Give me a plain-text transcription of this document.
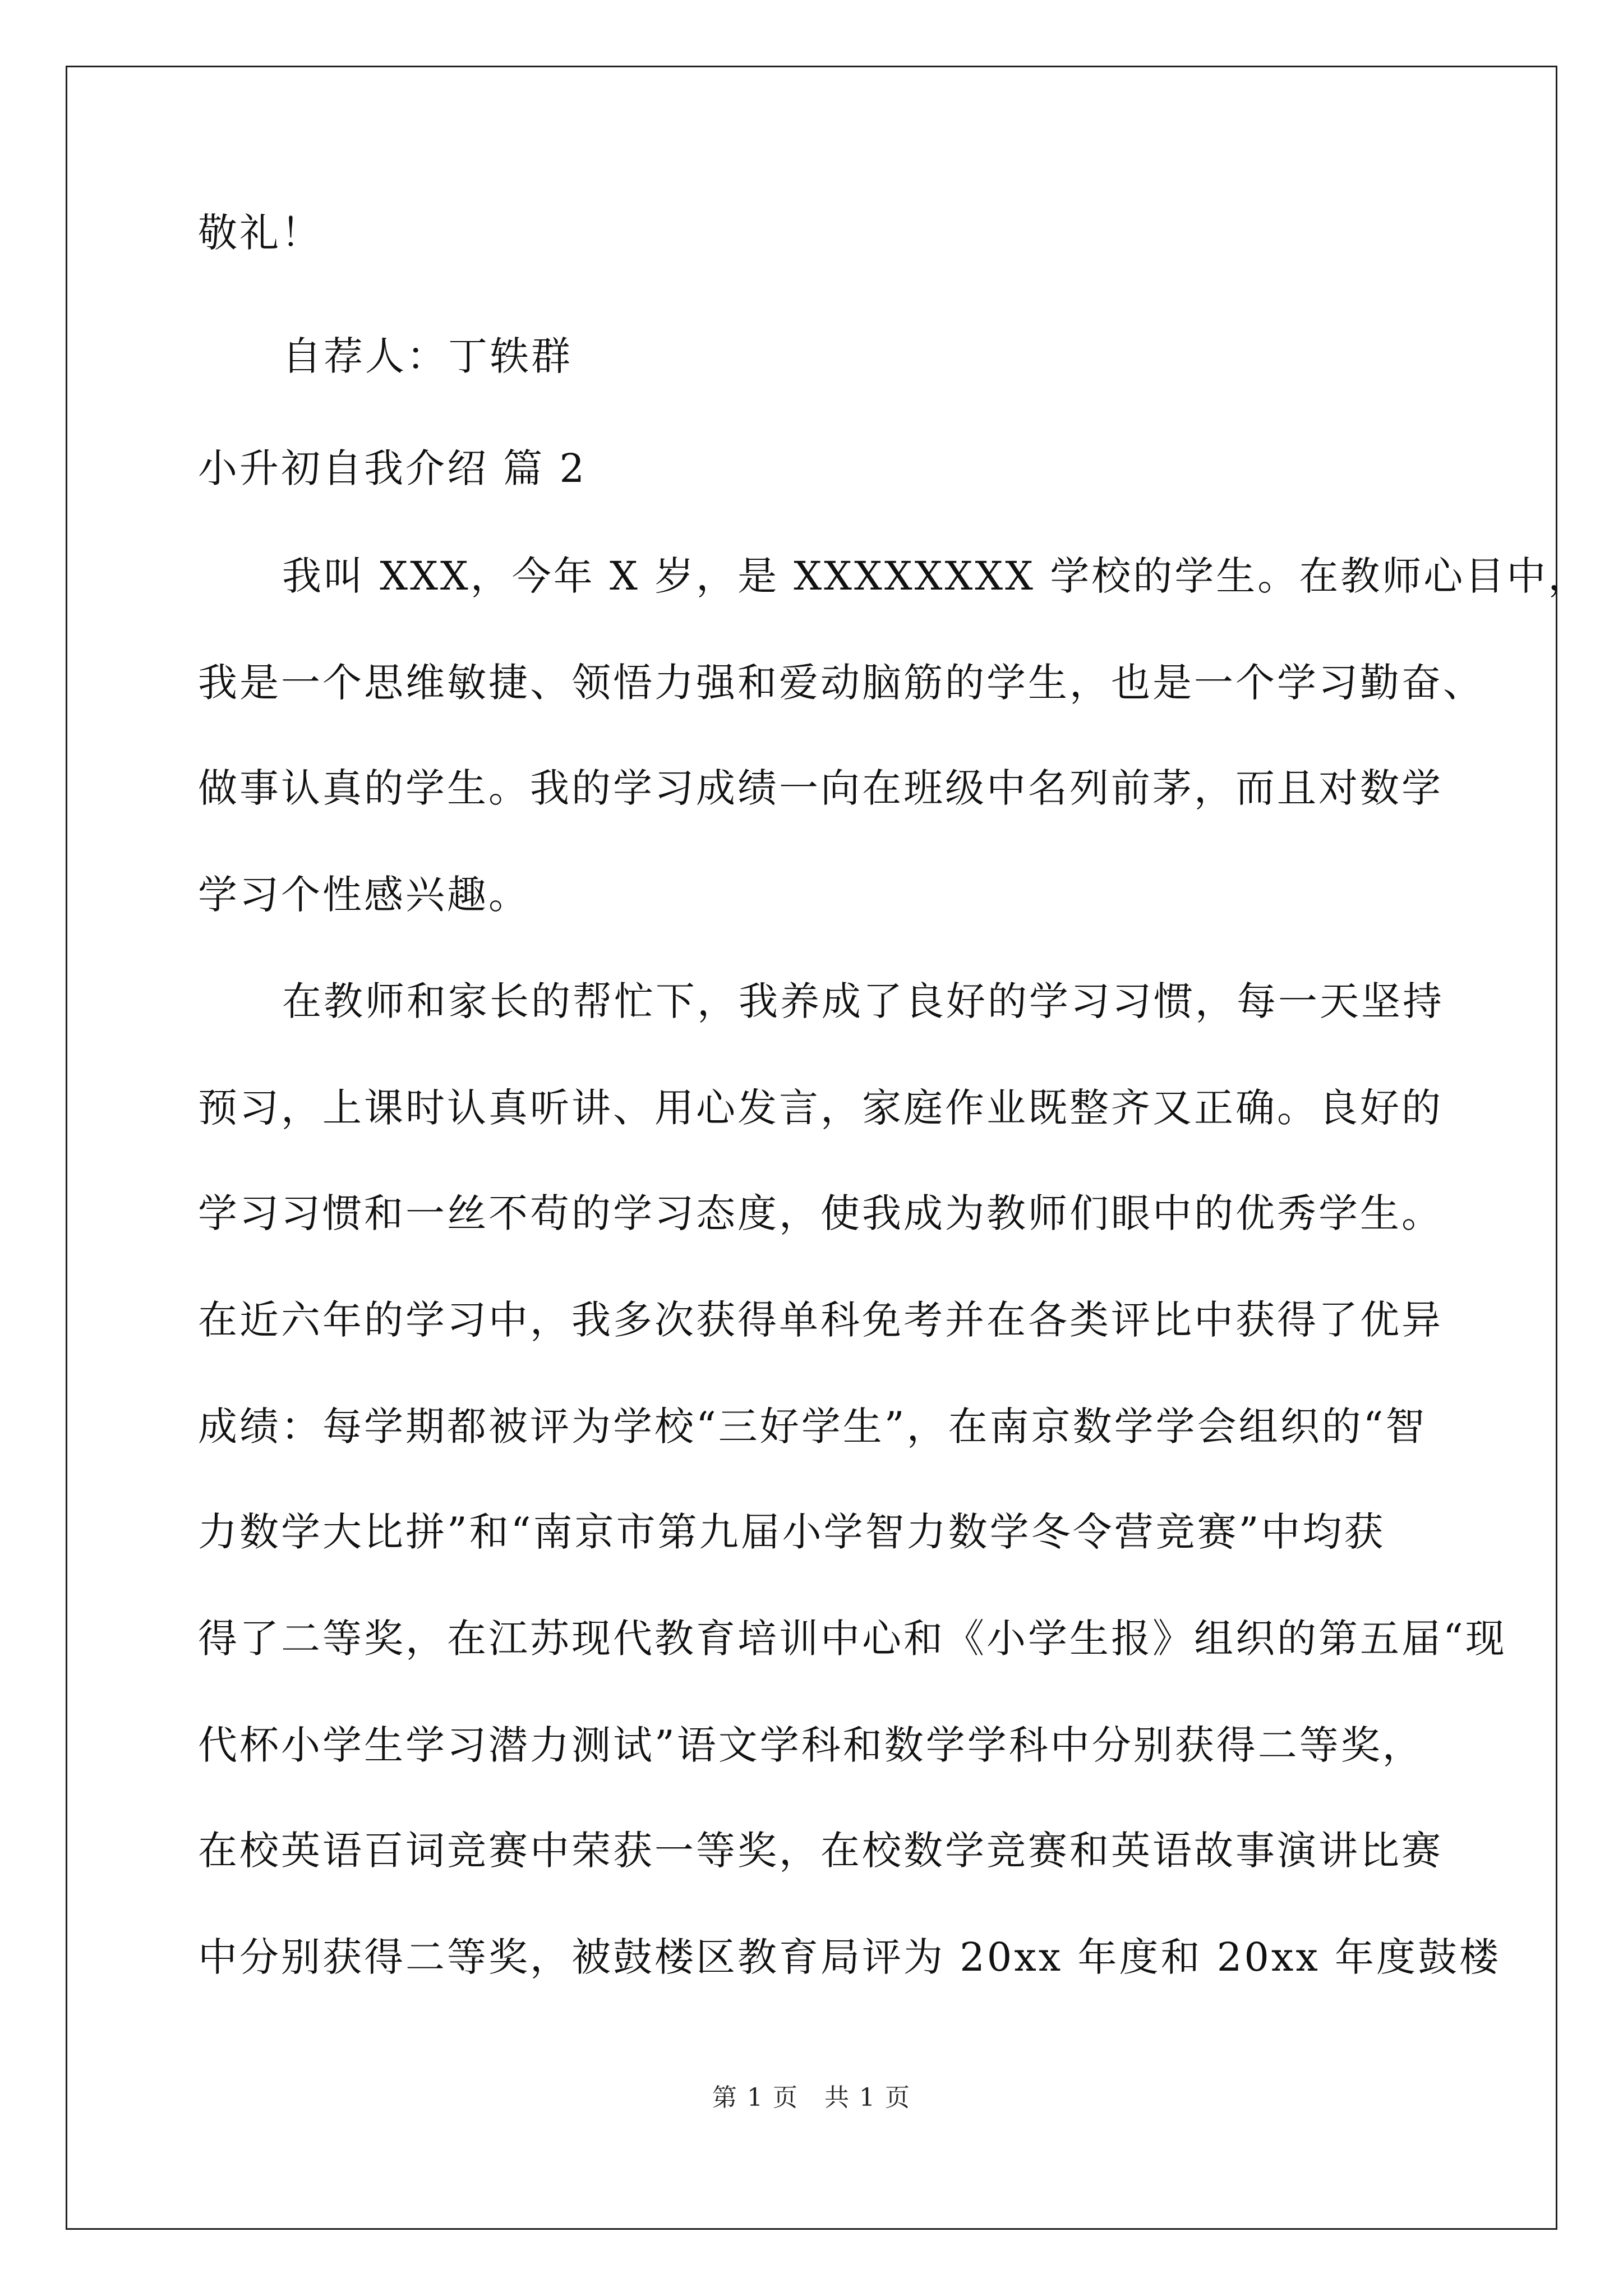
敬礼！
自荐人：丁轶群
小升初自我介绍 篇 2
我叫 XXX，今年 X 岁，是 XXXXXXXX 学校的学生。在教师心目中，
我是一个思维敏捷、领悟力强和爱动脑筋的学生，也是一个学习勤奋、
做事认真的学生。我的学习成绩一向在班级中名列前茅，而且对数学
学习个性感兴趣。
在教师和家长的帮忙下，我养成了良好的学习习惯，每一天坚持
预习，上课时认真听讲、用心发言，家庭作业既整齐又正确。良好的
学习习惯和一丝不苟的学习态度，使我成为教师们眼中的优秀学生。
在近六年的学习中，我多次获得单科免考并在各类评比中获得了优异
成绩：每学期都被评为学校“三好学生”，在南京数学学会组织的“智
力数学大比拼”和“南京市第九届小学智力数学冬令营竞赛”中均获
得了二等奖，在江苏现代教育培训中心和《小学生报》组织的第五届“现
代杯小学生学习潜力测试”语文学科和数学学科中分别获得二等奖，
在校英语百词竞赛中荣获一等奖，在校数学竞赛和英语故事演讲比赛
中分别获得二等奖，被鼓楼区教育局评为 20xx 年度和 20xx 年度鼓楼
第 1 页　共 1 页
